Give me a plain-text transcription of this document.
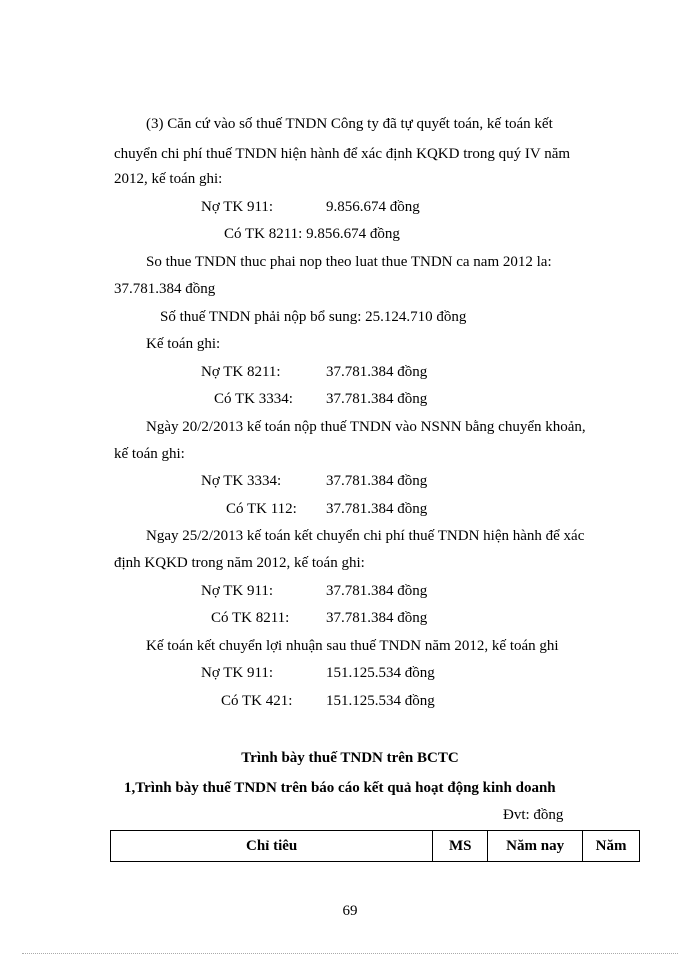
(3) Căn cứ vào số thuế TNDN Công ty đã tự quyết toán, kế toán kết
chuyển chi phí thuế TNDN hiện hành để xác định KQKD trong quý IV năm
2012, kế toán ghi:
Nợ TK 911:	9.856.674 đồng
Có TK 8211: 9.856.674 đồng
So thue TNDN thuc phai nop theo luat thue TNDN ca nam 2012 la:
37.781.384 đồng
Số thuế TNDN phải nộp bổ sung: 25.124.710 đồng
Kế toán ghi:
Nợ TK 8211:	37.781.384 đồng
Có TK 3334: 37.781.384 đồng
Ngày 20/2/2013 kế toán nộp thuế TNDN vào NSNN bằng chuyển khoản,
kế toán ghi:
Nợ TK 3334:	37.781.384 đồng
Có TK 112: 37.781.384 đồng
Ngay 25/2/2013 kế toán kết chuyển chi phí thuế TNDN hiện hành để xác
định KQKD trong năm 2012, kế toán ghi:
Nợ TK 911:	37.781.384 đồng
Có TK 8211: 37.781.384 đồng
Kế toán kết chuyển lợi nhuận sau thuế TNDN năm 2012, kế toán ghi
Nợ TK 911:	151.125.534 đồng
Có TK 421: 151.125.534 đồng
Trình bày thuế TNDN trên BCTC
1,Trình bày thuế TNDN trên báo cáo kết quả hoạt động kinh doanh
Đvt: đồng
Chỉ tiêu	MS	Năm nay	Năm
69
